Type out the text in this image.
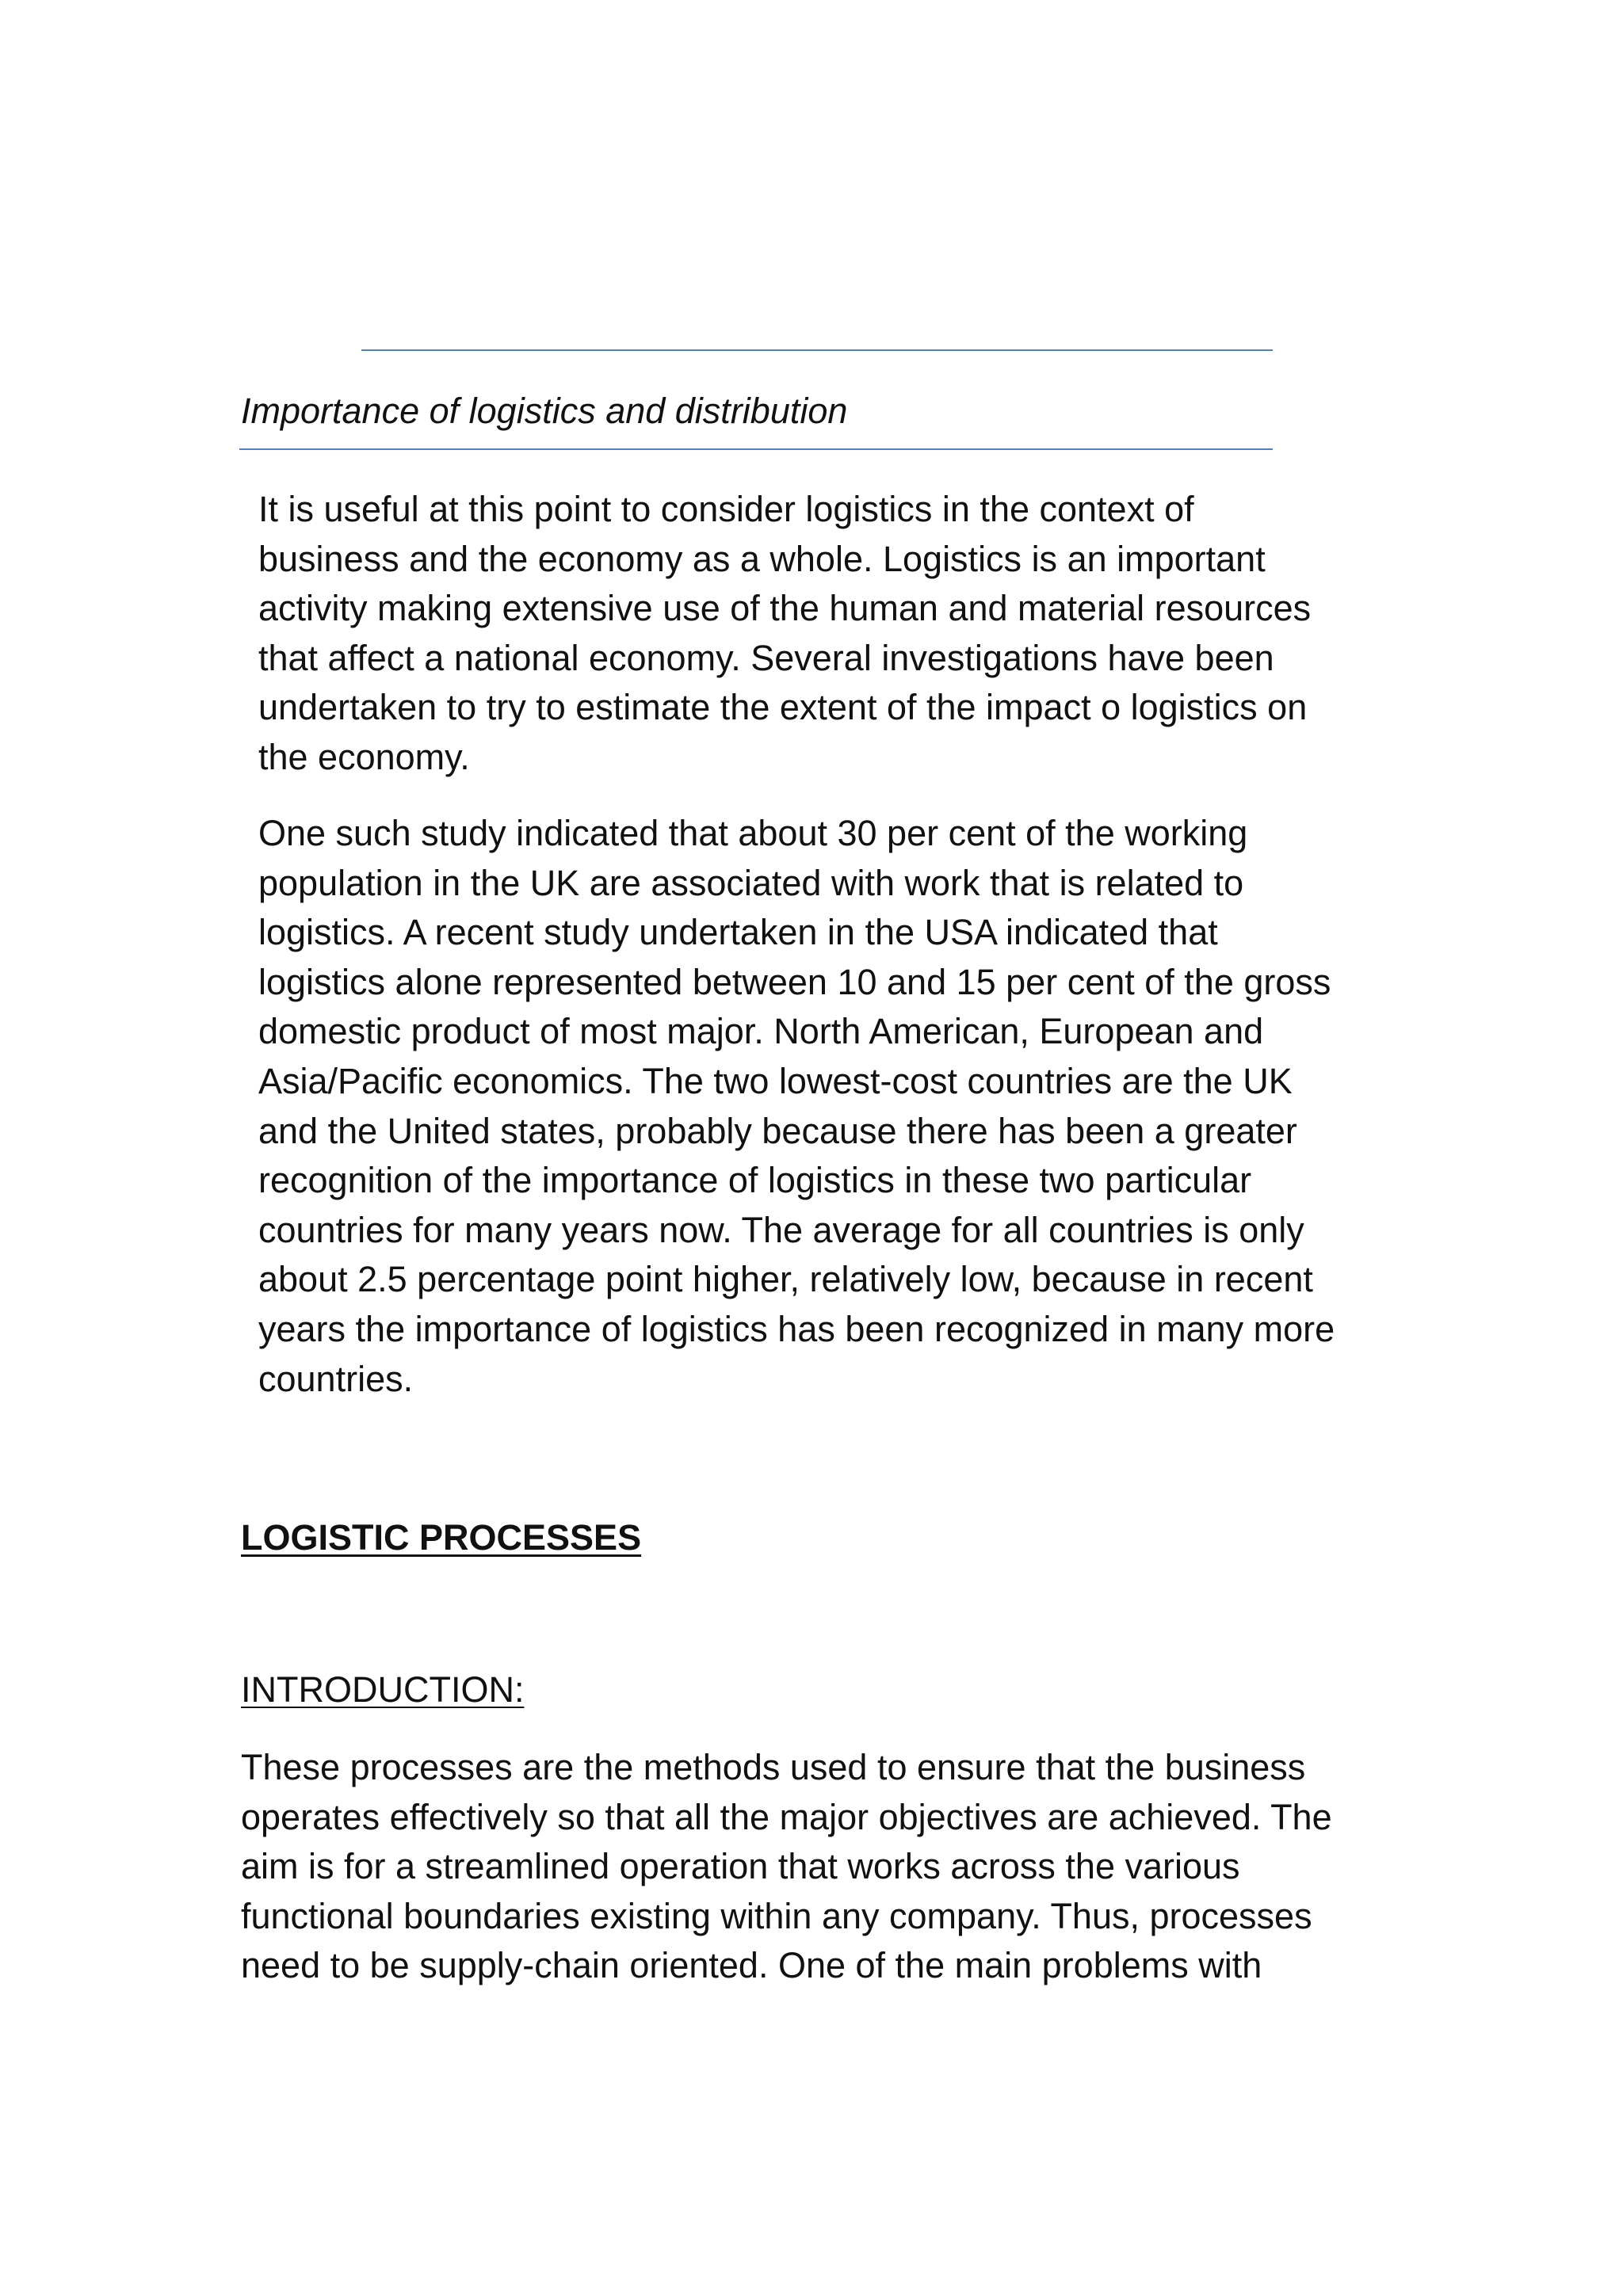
Importance of logistics and distribution
It is useful at this point to consider logistics in the context of
business and the economy as a whole. Logistics is an important
activity making extensive use of the human and material resources
that affect a national economy. Several investigations have been
undertaken to try to estimate the extent of the impact o logistics on
the economy.
One such study indicated that about 30 per cent of the working
population in the UK are associated with work that is related to
logistics. A recent study undertaken in the USA indicated that
logistics alone represented between 10 and 15 per cent of the gross
domestic product of most major. North American, European and
Asia/Pacific economics. The two lowest-cost countries are the UK
and the United states, probably because there has been a greater
recognition of the importance of logistics in these two particular
countries for many years now. The average for all countries is only
about 2.5 percentage point higher, relatively low, because in recent
years the importance of logistics has been recognized in many more
countries.
LOGISTIC PROCESSES
INTRODUCTION:
These processes are the methods used to ensure that the business
operates effectively so that all the major objectives are achieved. The
aim is for a streamlined operation that works across the various
functional boundaries existing within any company. Thus, processes
need to be supply-chain oriented. One of the main problems with
